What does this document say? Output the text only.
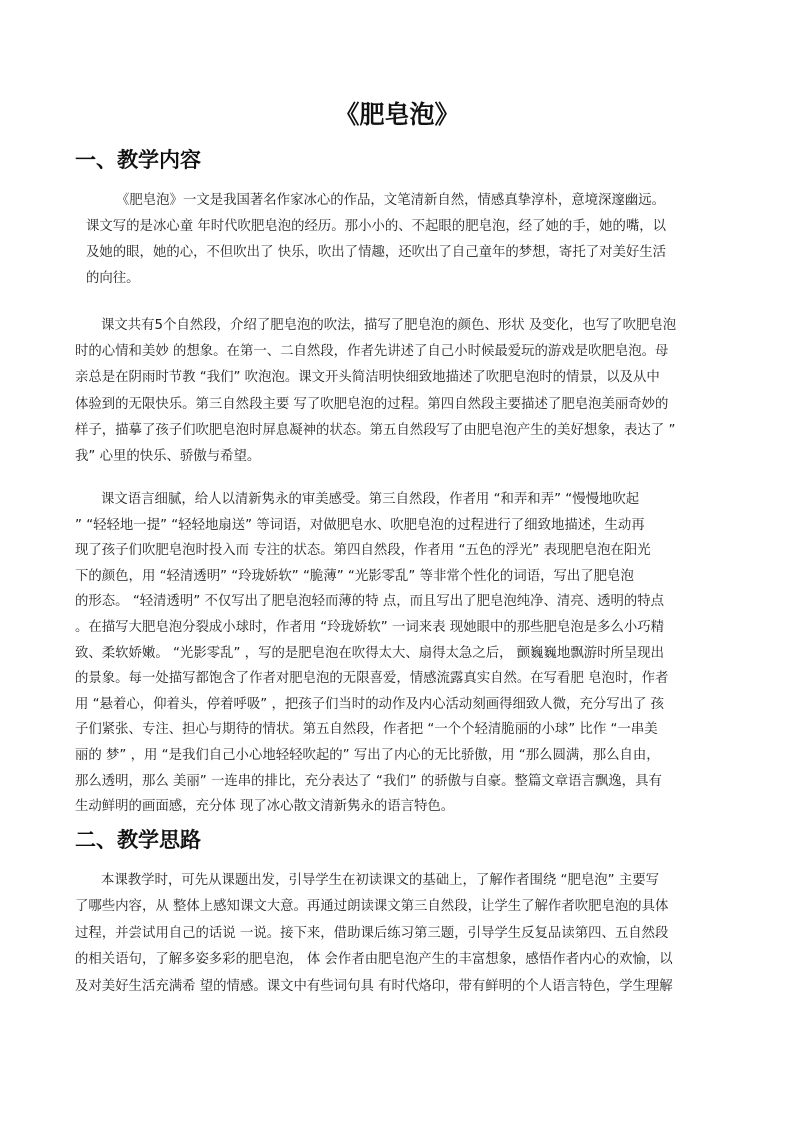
《肥皂泡》
一、教学内容

《肥皂泡》一文是我国著名作家冰心的作品，文笔清新自然，情感真挚淳朴，意境深邃幽远。
课文写的是冰心童 年时代吹肥皂泡的经历。那小小的、不起眼的肥皂泡，经了她的手，她的嘴，以
及她的眼，她的心，不但吹出了 快乐，吹出了情趣，还吹出了自己童年的梦想，寄托了对美好生活
的向往。

课文共有5个自然段，介绍了肥皂泡的吹法，描写了肥皂泡的颜色、形状 及变化，也写了吹肥皂泡
时的心情和美妙 的想象。在第一、二自然段，作者先讲述了自己小时候最爱玩的游戏是吹肥皂泡。母
亲总是在阴雨时节教 “我们” 吹泡泡。课文开头简洁明快细致地描述了吹肥皂泡时的情景，以及从中
体验到的无限快乐。第三自然段主要 写了吹肥皂泡的过程。第四自然段主要描述了肥皂泡美丽奇妙的
样子，描摹了孩子们吹肥皂泡时屏息凝神的状态。第五自然段写了由肥皂泡产生的美好想象，表达了 ”
我” 心里的快乐、骄傲与希望。

课文语言细腻，给人以清新隽永的审美感受。第三自然段，作者用 “和弄和弄” “慢慢地吹起
” “轻轻地一提” “轻轻地扇送” 等词语，对做肥皂水、吹肥皂泡的过程进行了细致地描述，生动再
现了孩子们吹肥皂泡时投入而 专注的状态。第四自然段，作者用 “五色的浮光” 表现肥皂泡在阳光
下的颜色，用 “轻清透明” “玲珑娇软” “脆薄” “光影零乱” 等非常个性化的词语，写出了肥皂泡
的形态。 “轻清透明” 不仅写出了肥皂泡轻而薄的特 点，而且写出了肥皂泡纯净、清亮、透明的特点
。在描写大肥皂泡分裂成小球时，作者用 “玲珑娇软” 一词来表 现她眼中的那些肥皂泡是多么小巧精
致、柔软娇嫩。 “光影零乱” ，写的是肥皂泡在吹得太大、扇得太急之后， 颤巍巍地飘游时所呈现出
的景象。每一处描写都饱含了作者对肥皂泡的无限喜爱，情感流露真实自然。在写看肥 皂泡时，作者
用 “悬着心，仰着头，停着呼吸” ，把孩子们当时的动作及内心活动刻画得细致人微，充分写出了 孩
子们紧张、专注、担心与期待的情状。第五自然段，作者把 “一个个轻清脆丽的小球” 比作 “一串美
丽的 梦” ，用 “是我们自己小心地轻轻吹起的” 写出了内心的无比骄傲，用 “那么圆满，那么自由，
那么透明，那么 美丽” 一连串的排比，充分表达了 “我们” 的骄傲与自豪。整篇文章语言飘逸，具有
生动鲜明的画面感，充分体 现了冰心散文清新隽永的语言特色。

二、教学思路

本课教学时，可先从课题出发，引导学生在初读课文的基础上，了解作者围绕 “肥皂泡” 主要写
了哪些内容，从 整体上感知课文大意。再通过朗读课文第三自然段，让学生了解作者吹肥皂泡的具体
过程，并尝试用自己的话说 一说。接下来，借助课后练习第三题，引导学生反复品读第四、五自然段
的相关语句，了解多姿多彩的肥皂泡， 体 会作者由肥皂泡产生的丰富想象，感悟作者内心的欢愉，以
及对美好生活充满希 望的情感。课文中有些词句具 有时代烙印，带有鲜明的个人语言特色，学生理解
